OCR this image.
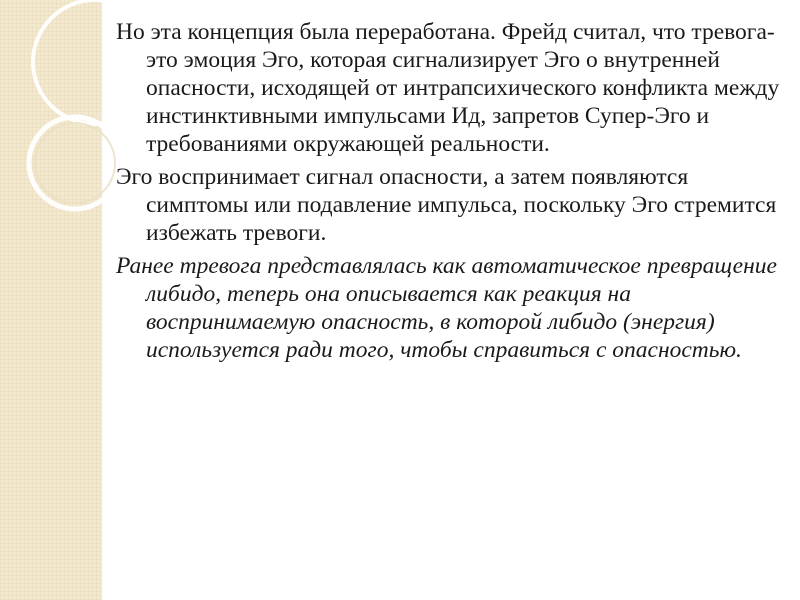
Но эта концепция была переработана. Фрейд считал, что тревога-это эмоция Эго, которая сигнализирует Эго о внутренней опасности, исходящей от интрапсихического конфликта между инстинктивными импульсами Ид, запретов Супер-Эго и требованиями окружающей реальности.

Эго воспринимает сигнал опасности, а затем появляются симптомы или подавление импульса, поскольку Эго стремится избежать тревоги.

Ранее тревога представлялась как автоматическое превращение либидо, теперь она описывается как реакция на воспринимаемую опасность, в которой либидо (энергия) используется ради того, чтобы справиться с опасностью.
